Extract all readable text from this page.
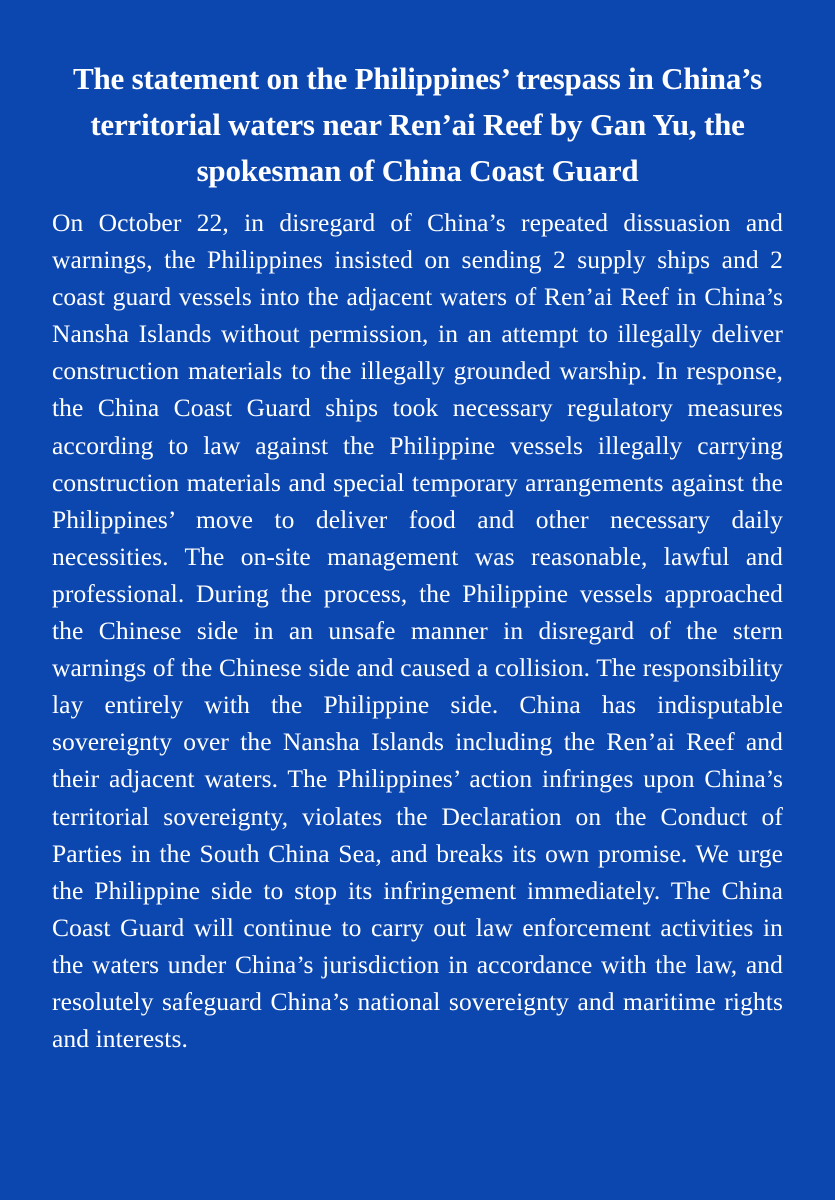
The statement on the Philippines’ trespass in China’s territorial waters near Ren’ai Reef by Gan Yu, the spokesman of China Coast Guard

On October 22, in disregard of China’s repeated dissuasion and warnings, the Philippines insisted on sending 2 supply ships and 2 coast guard vessels into the adjacent waters of Ren’ai Reef in China’s Nansha Islands without permission, in an attempt to illegally deliver construction materials to the illegally grounded warship. In response, the China Coast Guard ships took necessary regulatory measures according to law against the Philippine vessels illegally carrying construction materials and special temporary arrangements against the Philippines’ move to deliver food and other necessary daily necessities. The on-site management was reasonable, lawful and professional. During the process, the Philippine vessels approached the Chinese side in an unsafe manner in disregard of the stern warnings of the Chinese side and caused a collision. The responsibility lay entirely with the Philippine side. China has indisputable sovereignty over the Nansha Islands including the Ren’ai Reef and their adjacent waters. The Philippines’ action infringes upon China’s territorial sovereignty, violates the Declaration on the Conduct of Parties in the South China Sea, and breaks its own promise. We urge the Philippine side to stop its infringement immediately. The China Coast Guard will continue to carry out law enforcement activities in the waters under China’s jurisdiction in accordance with the law, and resolutely safeguard China’s national sovereignty and maritime rights and interests.
